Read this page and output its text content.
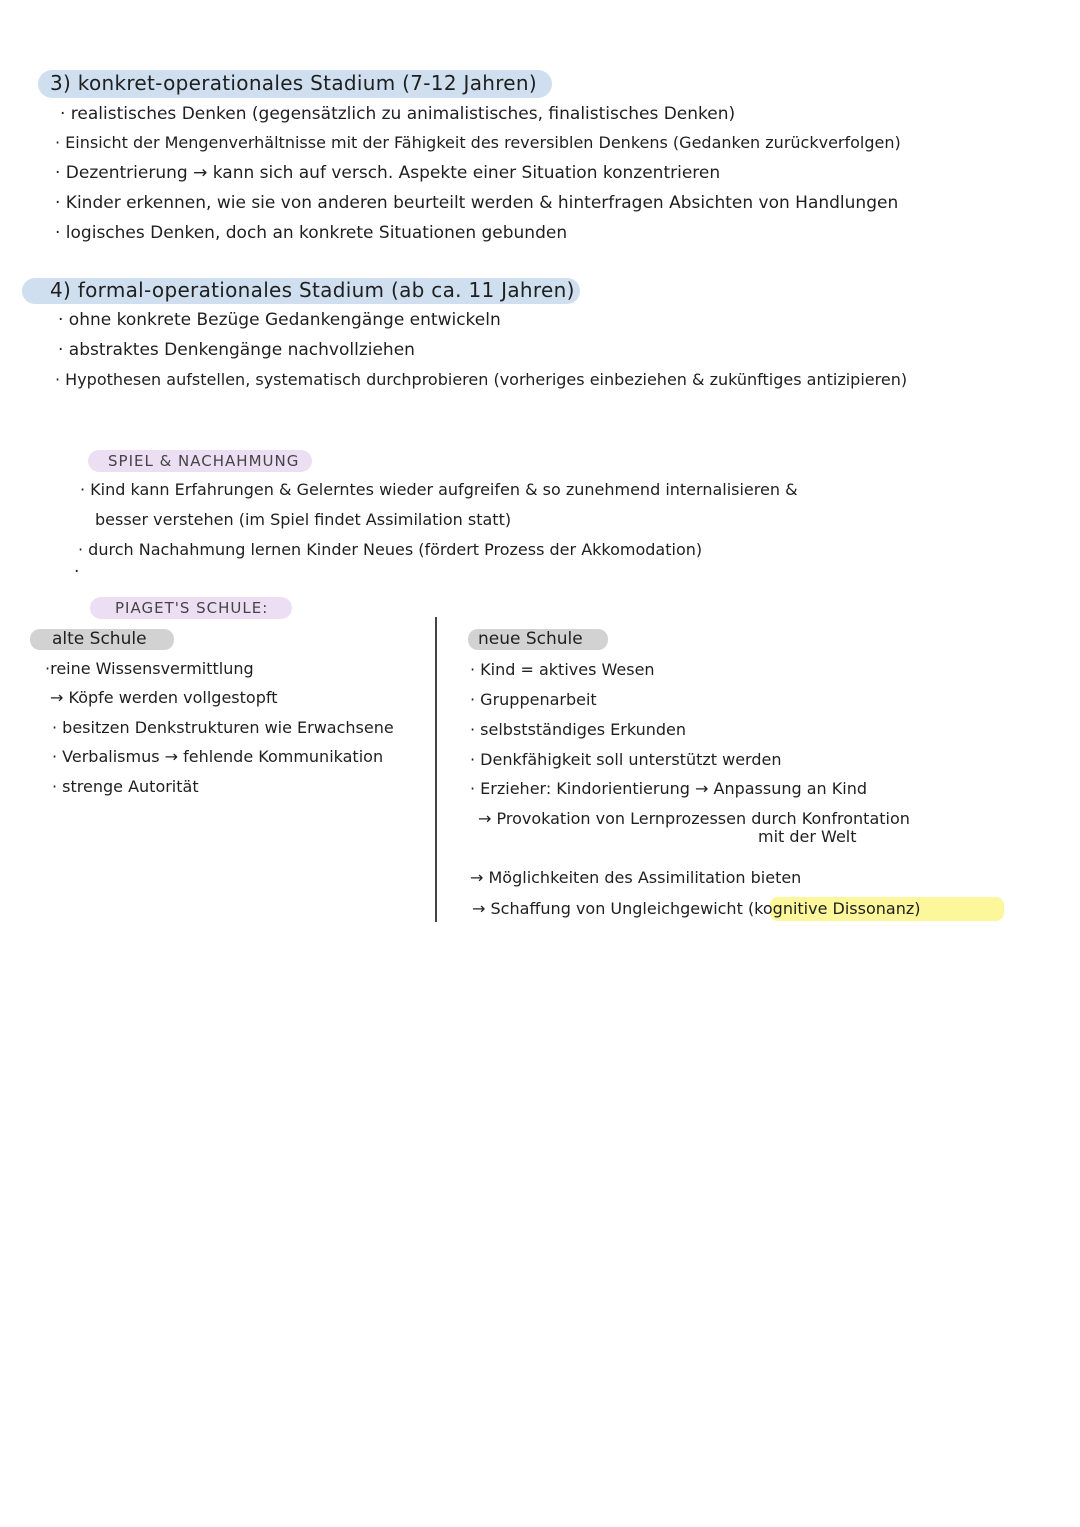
3) konkret-operationales Stadium (7-12 Jahren)
· realistisches Denken (gegensätzlich zu animalistisches, finalistisches Denken)
· Einsicht der Mengenverhältnisse mit der Fähigkeit des reversiblen Denkens (Gedanken zurückverfolgen)
· Dezentrierung → kann sich auf versch. Aspekte einer Situation konzentrieren
· Kinder erkennen, wie sie von anderen beurteilt werden & hinterfragen Absichten von Handlungen
· logisches Denken, doch an konkrete Situationen gebunden
4) formal-operationales Stadium (ab ca. 11 Jahren)
· ohne konkrete Bezüge Gedankengänge entwickeln
· abstraktes Denkengänge nachvollziehen
· Hypothesen aufstellen, systematisch durchprobieren (vorheriges einbeziehen & zukünftiges antizipieren)
SPIEL & NACHAHMUNG
· Kind kann Erfahrungen & Gelerntes wieder aufgreifen & so zunehmend internalisieren &
besser verstehen (im Spiel findet Assimilation statt)
· durch Nachahmung lernen Kinder Neues (fördert Prozess der Akkomodation)
·
PIAGET'S SCHULE:
alte Schule
·reine Wissensvermittlung
→ Köpfe werden vollgestopft
· besitzen Denkstrukturen wie Erwachsene
· Verbalismus → fehlende Kommunikation
· strenge Autorität
neue Schule
· Kind = aktives Wesen
· Gruppenarbeit
· selbstständiges Erkunden
· Denkfähigkeit soll unterstützt werden
· Erzieher: Kindorientierung → Anpassung an Kind
→ Provokation von Lernprozessen durch Konfrontation
mit der Welt
→ Möglichkeiten des Assimilitation bieten
→ Schaffung von Ungleichgewicht (kognitive Dissonanz)
